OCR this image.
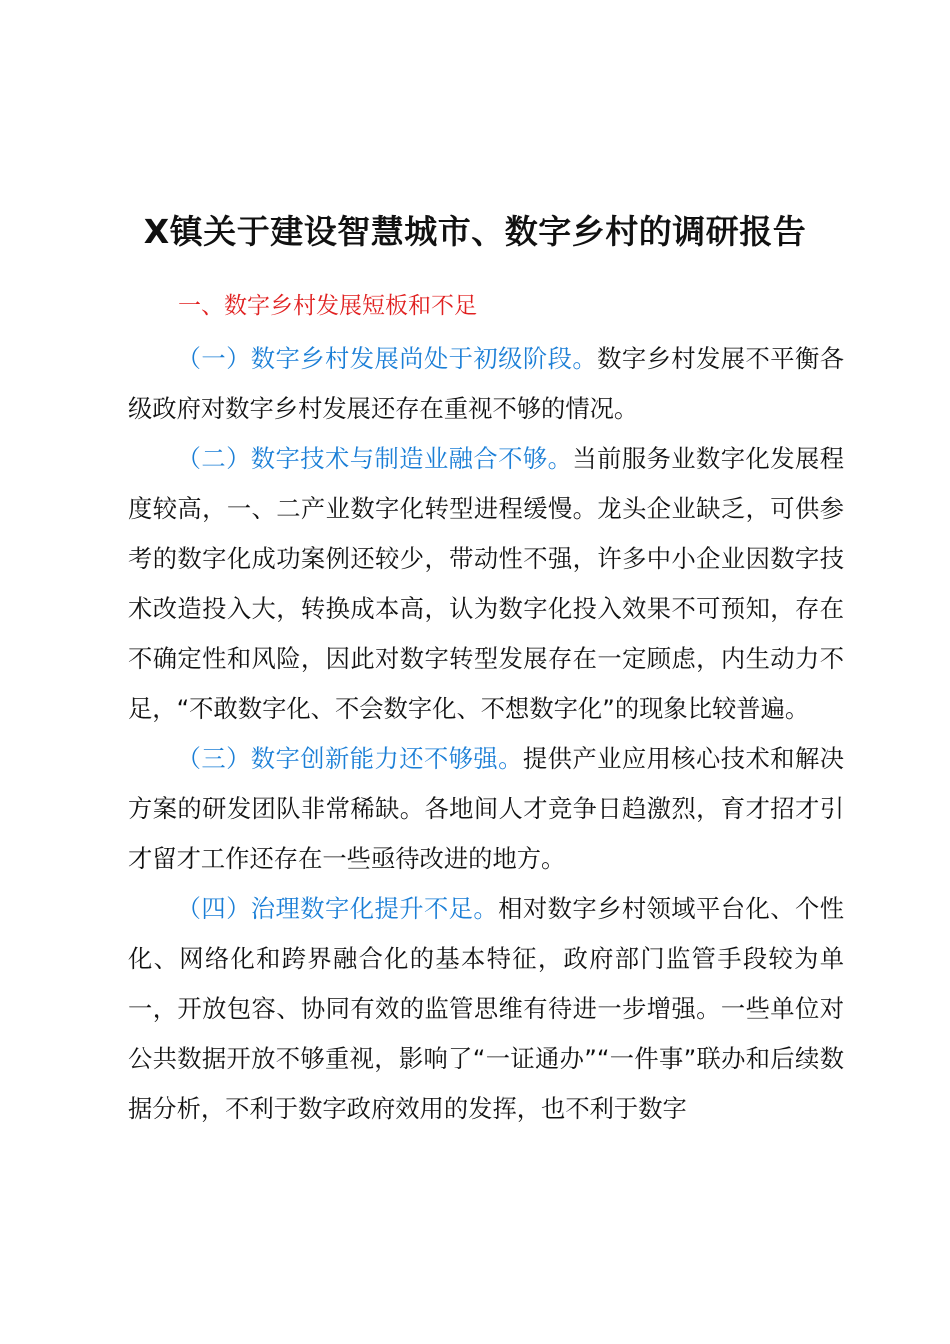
X镇关于建设智慧城市、数字乡村的调研报告
一、数字乡村发展短板和不足

（一）数字乡村发展尚处于初级阶段。数字乡村发展不平衡各级政府对数字乡村发展还存在重视不够的情况。

（二）数字技术与制造业融合不够。当前服务业数字化发展程度较高，一、二产业数字化转型进程缓慢。龙头企业缺乏，可供参考的数字化成功案例还较少，带动性不强，许多中小企业因数字技术改造投入大，转换成本高，认为数字化投入效果不可预知，存在不确定性和风险，因此对数字转型发展存在一定顾虑，内生动力不足，“不敢数字化、不会数字化、不想数字化”的现象比较普遍。

（三）数字创新能力还不够强。提供产业应用核心技术和解决方案的研发团队非常稀缺。各地间人才竞争日趋激烈，育才招才引才留才工作还存在一些亟待改进的地方。

（四）治理数字化提升不足。相对数字乡村领域平台化、个性化、网络化和跨界融合化的基本特征，政府部门监管手段较为单一，开放包容、协同有效的监管思维有待进一步增强。一些单位对公共数据开放不够重视，影响了“一证通办”“一件事”联办和后续数据分析，不利于数字政府效用的发挥，也不利于数字
